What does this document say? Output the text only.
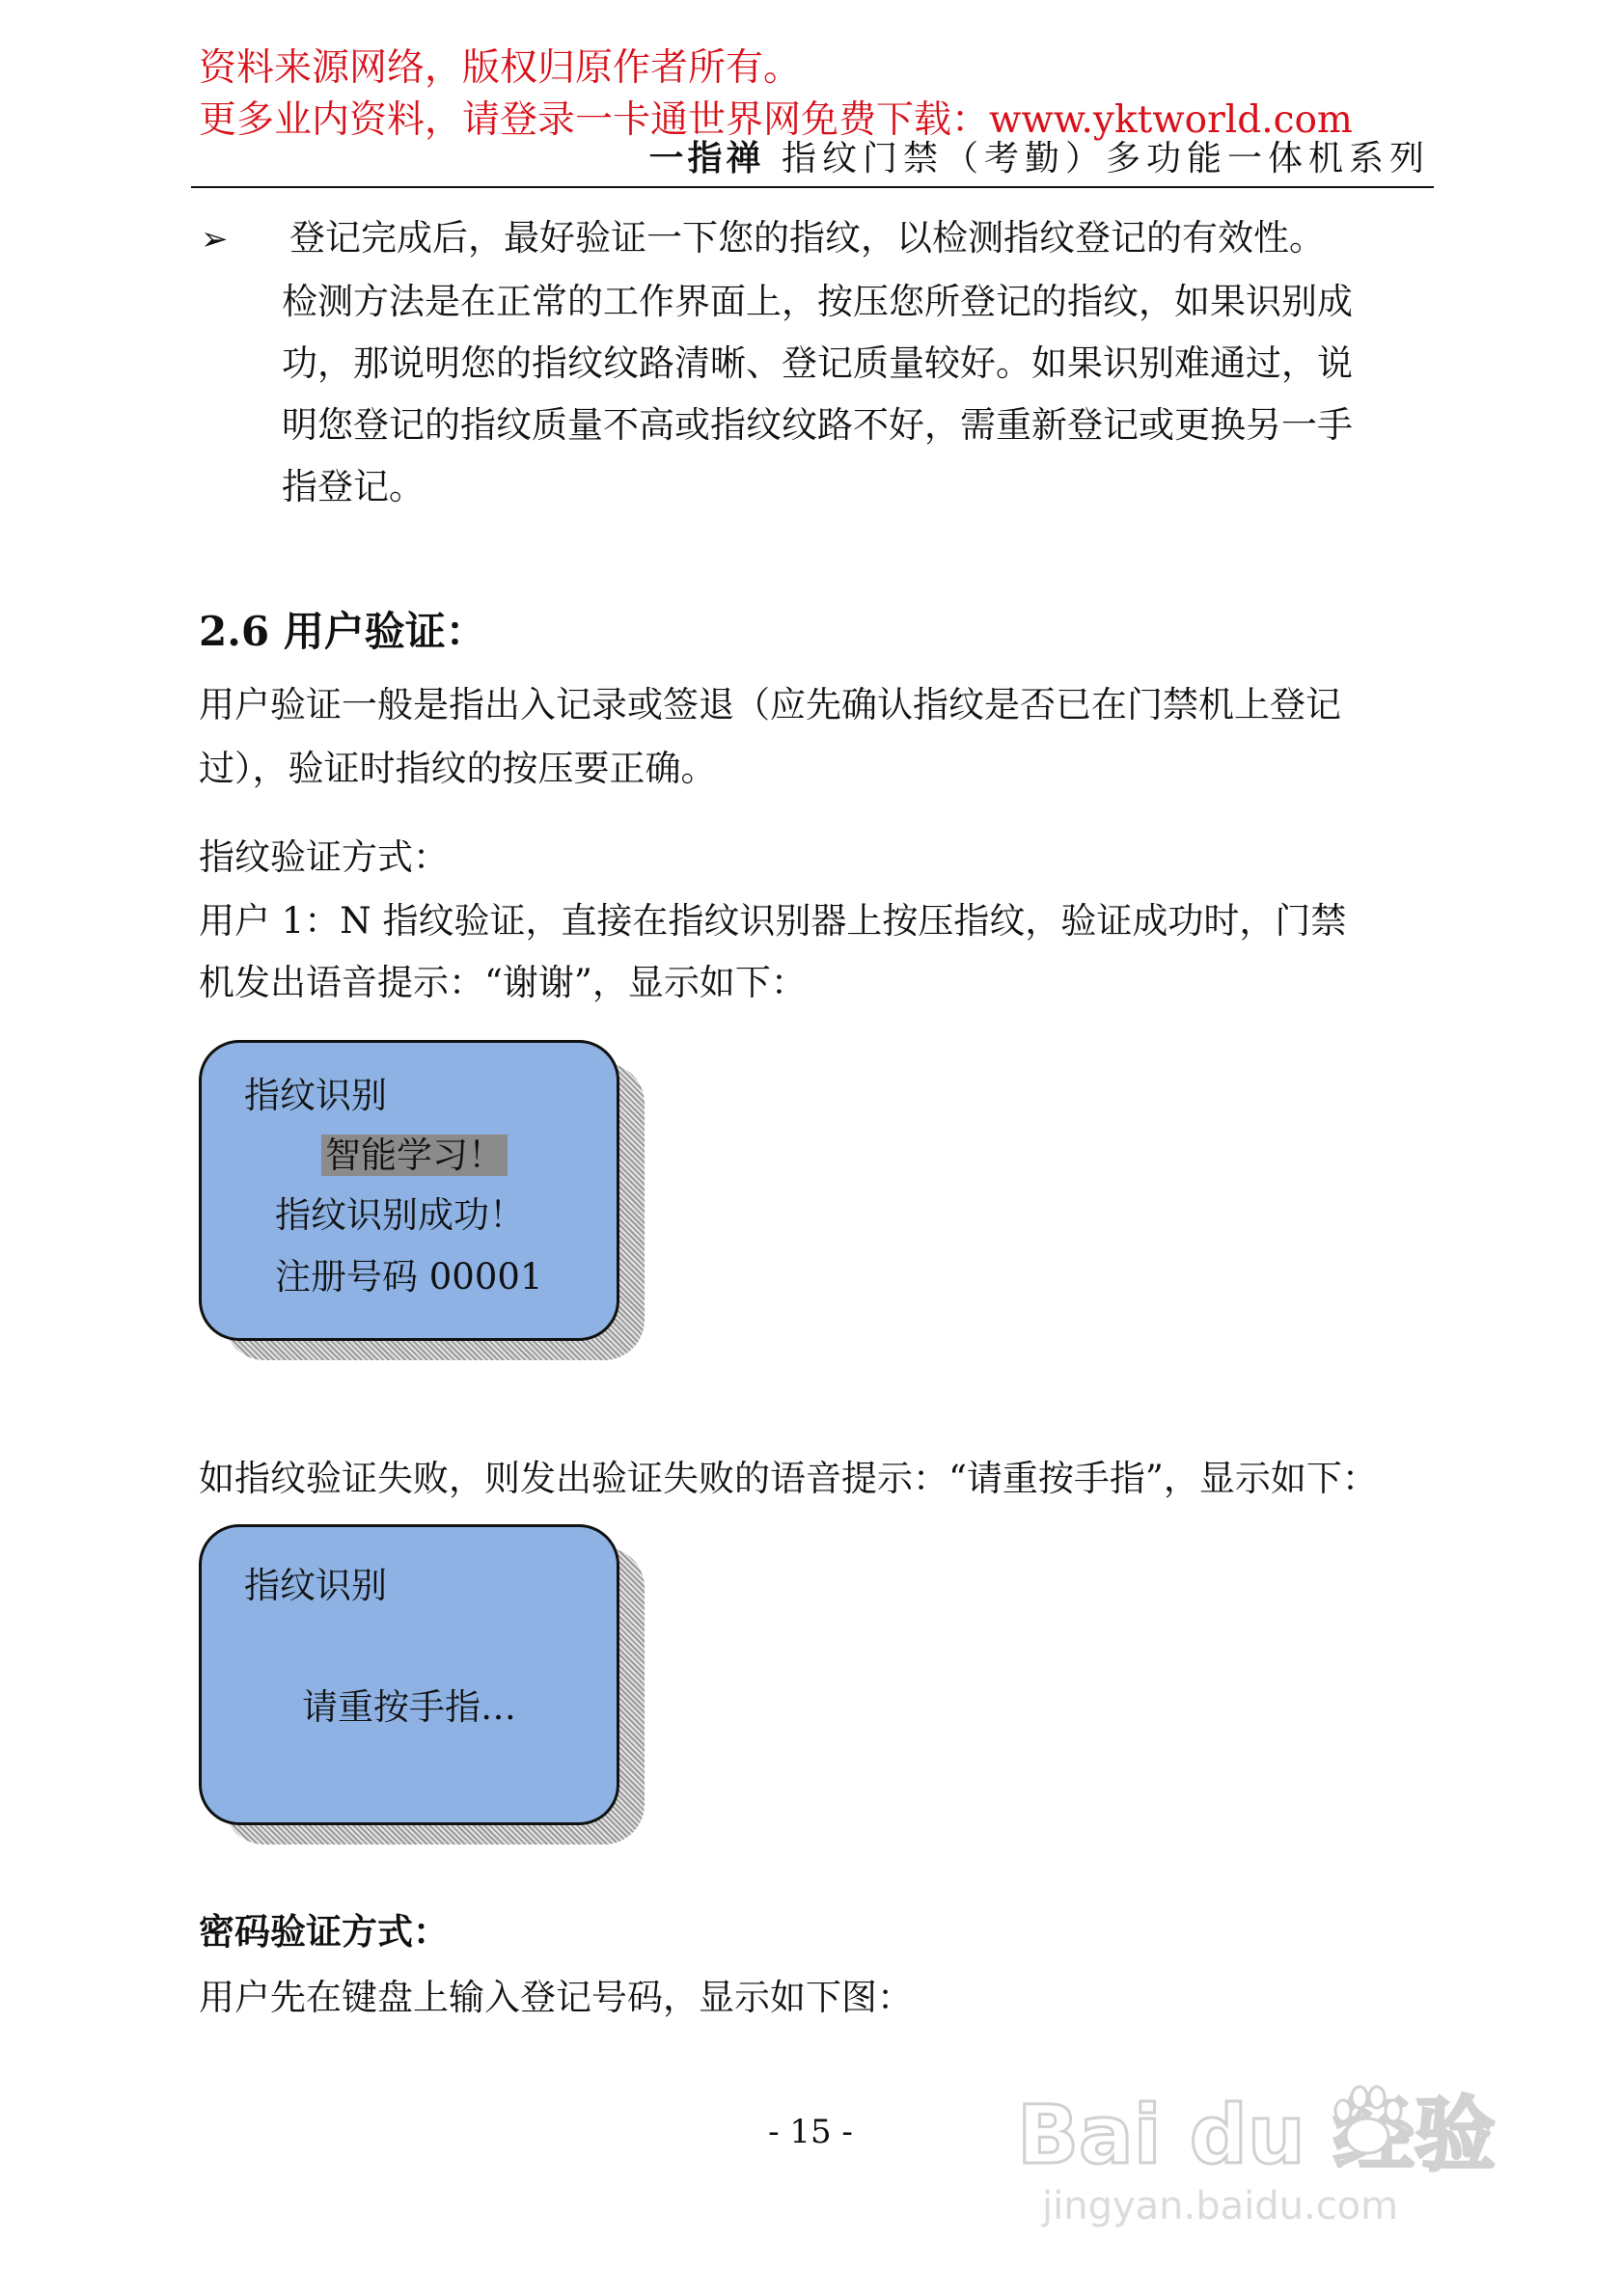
资料来源网络，版权归原作者所有。
更多业内资料，请登录一卡通世界网免费下载：www.yktworld.com
一指禅 指纹门禁（考勤）多功能一体机系列
➢ 登记完成后，最好验证一下您的指纹，以检测指纹登记的有效性。
检测方法是在正常的工作界面上，按压您所登记的指纹，如果识别成
功，那说明您的指纹纹路清晰、登记质量较好。如果识别难通过，说
明您登记的指纹质量不高或指纹纹路不好，需重新登记或更换另一手
指登记。
2.6 用户验证：
用户验证一般是指出入记录或签退（应先确认指纹是否已在门禁机上登记
过），验证时指纹的按压要正确。
指纹验证方式：
用户 1：N 指纹验证，直接在指纹识别器上按压指纹，验证成功时，门禁
机发出语音提示：“谢谢”，显示如下：
指纹识别
智能学习！
指纹识别成功！
注册号码 00001
如指纹验证失败，则发出验证失败的语音提示：“请重按手指”，显示如下：
指纹识别
请重按手指…
密码验证方式：
用户先在键盘上输入登记号码，显示如下图：
- 15 -	Bai du 经验
jingyan.baidu.com
